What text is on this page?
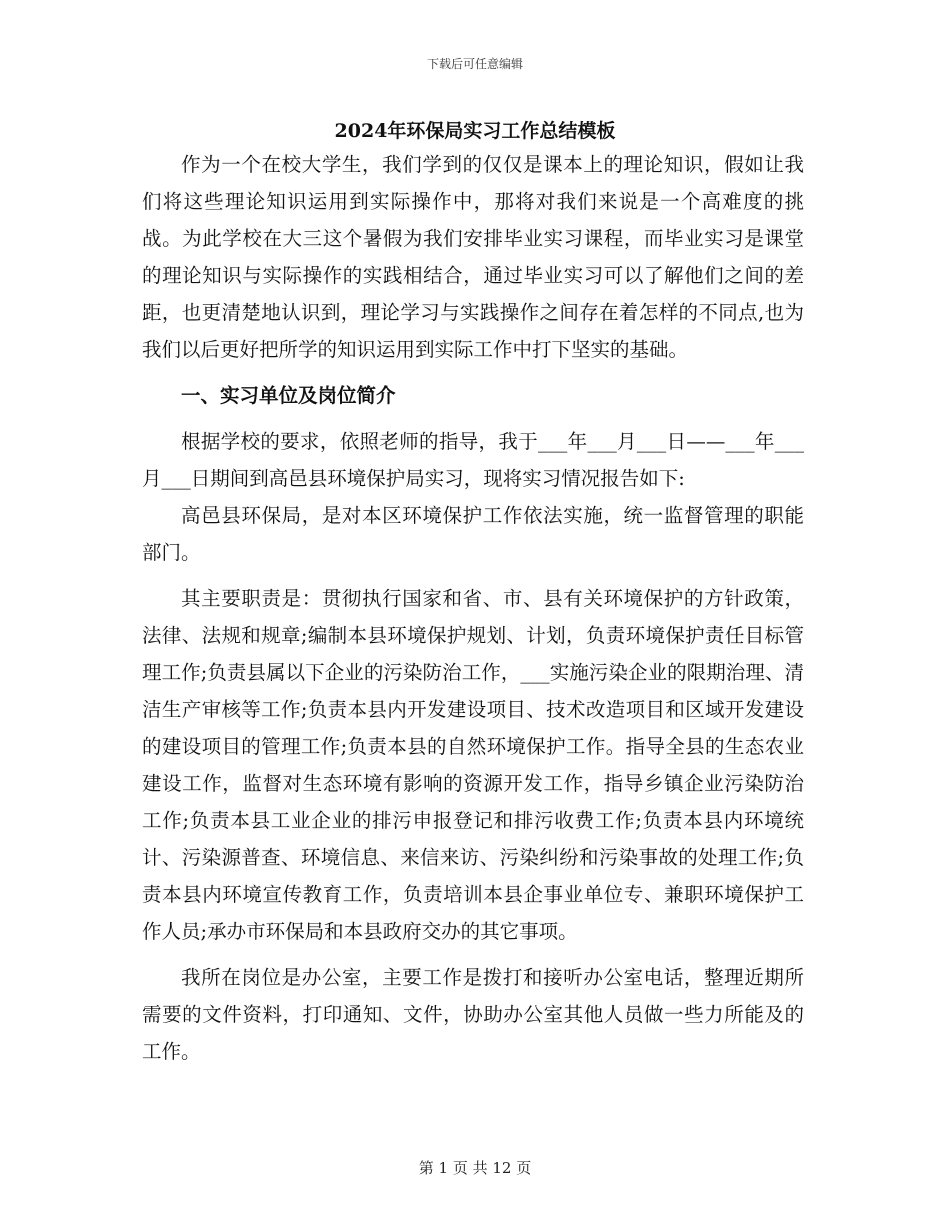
下载后可任意编辑
2024年环保局实习工作总结模板

作为一个在校大学生，我们学到的仅仅是课本上的理论知识，假如让我们将这些理论知识运用到实际操作中，那将对我们来说是一个高难度的挑战。为此学校在大三这个暑假为我们安排毕业实习课程，而毕业实习是课堂的理论知识与实际操作的实践相结合，通过毕业实习可以了解他们之间的差距，也更清楚地认识到，理论学习与实践操作之间存在着怎样的不同点,也为我们以后更好把所学的知识运用到实际工作中打下坚实的基础。

一、实习单位及岗位简介

根据学校的要求，依照老师的指导，我于___年___月___日——___年___月___日期间到高邑县环境保护局实习，现将实习情况报告如下:

高邑县环保局，是对本区环境保护工作依法实施，统一监督管理的职能部门。

其主要职责是：贯彻执行国家和省、市、县有关环境保护的方针政策，法律、法规和规章;编制本县环境保护规划、计划，负责环境保护责任目标管理工作;负责县属以下企业的污染防治工作，___实施污染企业的限期治理、清洁生产审核等工作;负责本县内开发建设项目、技术改造项目和区域开发建设的建设项目的管理工作;负责本县的自然环境保护工作。指导全县的生态农业建设工作，监督对生态环境有影响的资源开发工作，指导乡镇企业污染防治工作;负责本县工业企业的排污申报登记和排污收费工作;负责本县内环境统计、污染源普查、环境信息、来信来访、污染纠纷和污染事故的处理工作;负责本县内环境宣传教育工作，负责培训本县企事业单位专、兼职环境保护工作人员;承办市环保局和本县政府交办的其它事项。

我所在岗位是办公室，主要工作是拨打和接听办公室电话，整理近期所需要的文件资料，打印通知、文件，协助办公室其他人员做一些力所能及的工作。

第 1 页 共 12 页
